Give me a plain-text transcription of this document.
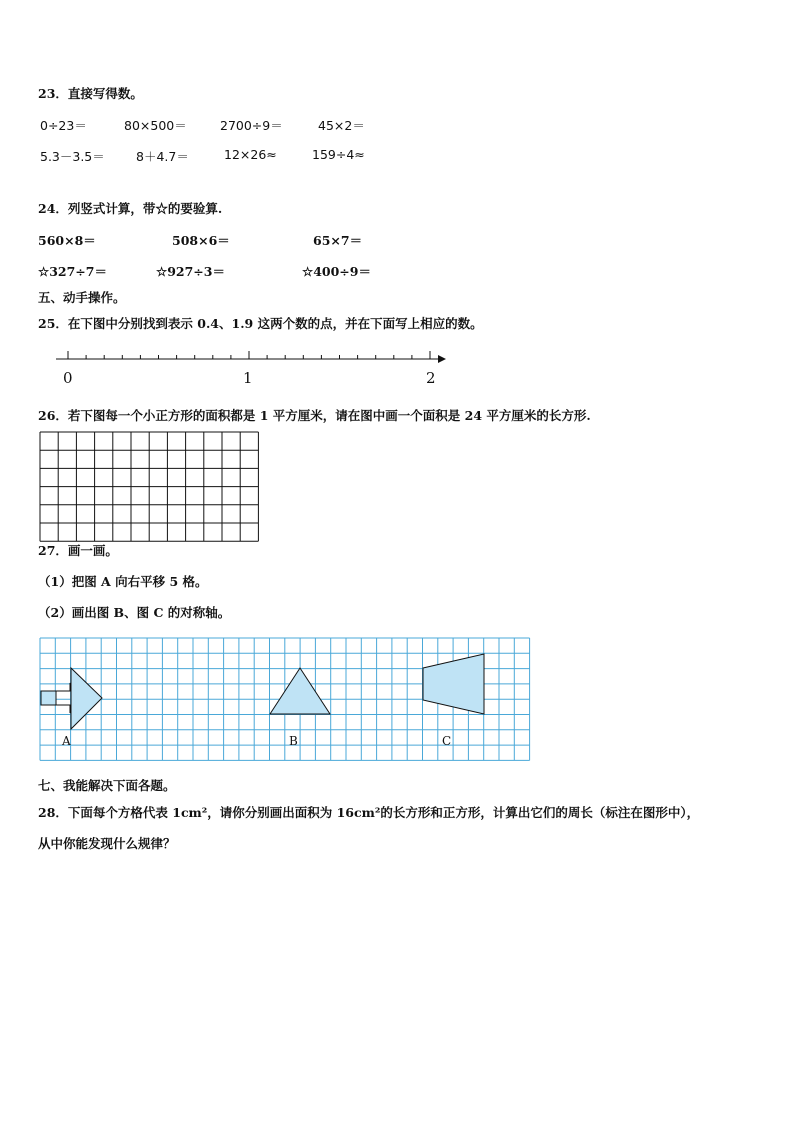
23．直接写得数。
0÷23＝	80×500＝	2700÷9＝	45×2＝
5.3－3.5＝ 8＋4.7＝	12×26≈	159÷4≈
24．列竖式计算，带☆的要验算.
560×8＝	508×6＝	65×7＝
☆327÷7＝	☆927÷3＝	☆400÷9＝
五、动手操作。
25．在下图中分别找到表示 0.4、1.9 这两个数的点，并在下面写上相应的数。
0	1	2
26．若下图每一个小正方形的面积都是 1 平方厘米，请在图中画一个面积是 24 平方厘米的长方形.
27．画一画。
（1）把图 A 向右平移 5 格。
（2）画出图 B、图 C 的对称轴。
A	B	C
七、我能解决下面各题。
28．下面每个方格代表 1cm²，请你分别画出面积为 16cm²的长方形和正方形，计算出它们的周长（标注在图形中），
从中你能发现什么规律？
